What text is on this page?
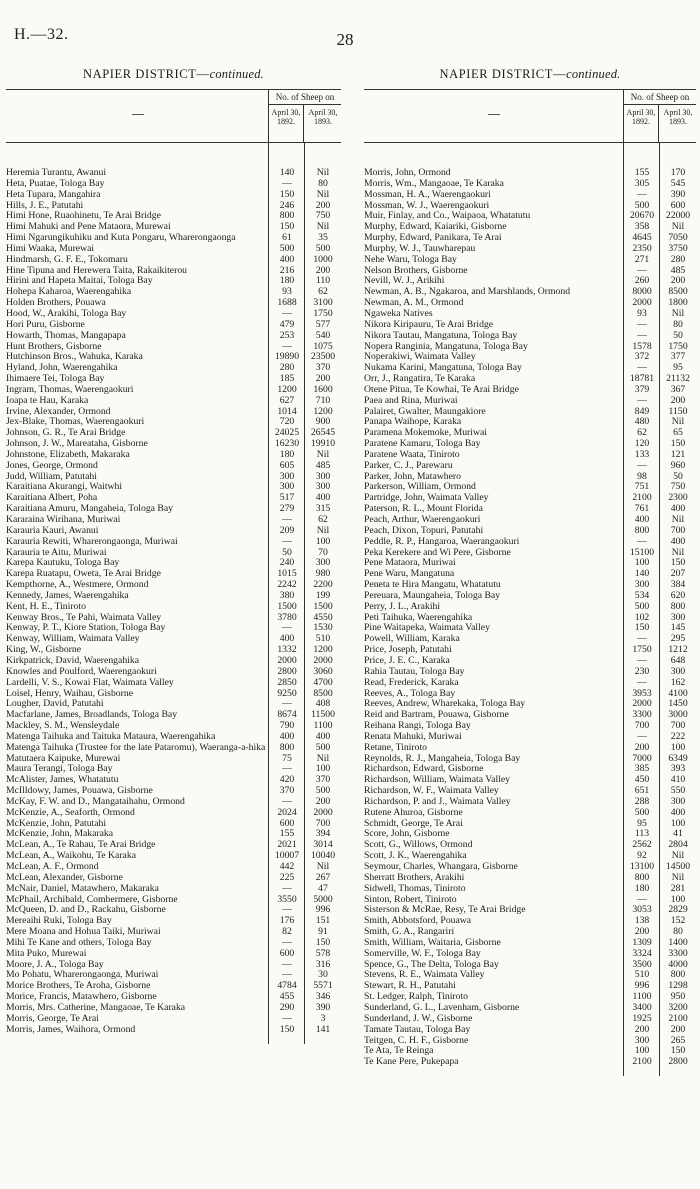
H.—32.	28
NAPIER DISTRICT—continued.
No. of Sheep on
April 30, 1892.
April 30, 1893.
Heremia Turantu, Awanui	140	Nil
Heta, Puatae, Tologa Bay	—	80
Heta Tupara, Mangahira	150	Nil
Hills, J. E., Patutahi	246	200
Himi Hone, Ruaohinetu, Te Arai Bridge	800	750
Himi Mahuki and Pene Mataora, Murewai	150	Nil
Himi Ngarungikuhiku and Kuta Pongaru, Wharerongaonga	61	35
Himi Waaka, Murewai	500	500
Hindmarsh, G. F. E., Tokomaru	400	1000
Hine Tipuna and Herewera Taita, Rakaikiterou	216	200
Hirini and Hapeta Maitai, Tologa Bay	180	110
Hohepa Kaharoa, Waerengahika	93	62
Holden Brothers, Pouawa	1688	3100
Hood, W., Arakihi, Tologa Bay	—	1750
Hori Puru, Gisborne	479	577
Howarth, Thomas, Mangapapa	253	540
Hunt Brothers, Gisborne	—	1075
Hutchinson Bros., Wahuka, Karaka	19890	23500
Hyland, John, Waerengahika	280	370
Ihimaere Tei, Tologa Bay	185	200
Ingram, Thomas, Waerengaokuri	1200	1600
Ioapa te Hau, Karaka	627	710
Irvine, Alexander, Ormond	1014	1200
Jex-Blake, Thomas, Waerengaokuri	720	900
Johnson, G. R., Te Arai Bridge	24025	26545
Johnson, J. W., Mareataha, Gisborne	16230	19910
Johnstone, Elizabeth, Makaraka	180	Nil
Jones, George, Ormond	605	485
Judd, William, Patutahi	300	300
Karaitiana Akurangi, Waitwhi	300	300
Karaitiana Albert, Poha	517	400
Karaitiana Amuru, Mangaheia, Tologa Bay	279	315
Kararaina Wirihana, Muriwai	—	62
Karauria Kauri, Awanui	209	Nil
Karauria Rewiti, Wharerongaonga, Muriwai	—	100
Karauria te Aitu, Muriwai	50	70
Karepa Kautuku, Tologa Bay	240	300
Karepa Ruatapu, Oweta, Te Arai Bridge	1015	980
Kempthorne, A., Westmere, Ormond	2242	2200
Kennedy, James, Waerengahika	380	199
Kent, H. E., Tiniroto	1500	1500
Kenway Bros., Te Pahi, Waimata Valley	3780	4550
Kenway, P. T., Kiore Station, Tologa Bay	—	1530
Kenway, William, Waimata Valley	400	510
King, W., Gisborne	1332	1200
Kirkpatrick, David, Waerengahika	2000	2000
Knowles and Poulford, Waerengaokuri	2800	3060
Lardelli, V. S., Kowai Flat, Waimata Valley	2850	4700
Loisel, Henry, Waihau, Gisborne	9250	8500
Lougher, David, Patutahi	—	408
Macfarlane, James, Broadlands, Tologa Bay	8674	11500
Mackley, S. M., Wensleydale	790	1100
Matenga Taihuka and Taituka Mataura, Waerengahika	400	400
Matenga Taihuka (Trustee for the late Pataromu), Waeranga-a-hika	800	500
Matutaera Kaipuke, Murewai	75	Nil
Maura Terangi, Tologa Bay	—	100
McAlister, James, Whatatutu	420	370
McIlldowy, James, Pouawa, Gisborne	370	500
McKay, F. W. and D., Mangataihahu, Ormond	—	200
McKenzie, A., Seaforth, Ormond	2024	2000
McKenzie, John, Patutahi	600	700
McKenzie, John, Makaraka	155	394
McLean, A., Te Rahau, Te Arai Bridge	2021	3014
McLean, A., Waikohu, Te Karaka	10007	10040
McLean, A. F., Ormond	442	Nil
McLean, Alexander, Gisborne	225	267
McNair, Daniel, Matawhero, Makaraka	—	47
McPhail, Archibald, Combermere, Gisborne	3550	5000
McQueen, D. and D., Rackahu, Gisborne	—	996
Mereaihi Ruki, Tologa Bay	176	151
Mere Moana and Hohua Taiki, Muriwai	82	91
Mihi Te Kane and others, Tologa Bay	—	150
Mita Puko, Murewai	600	578
Moore, J. A., Tologa Bay	—	316
Mo Pohatu, Wharerongaonga, Muriwai	—	30
Morice Brothers, Te Aroha, Gisborne	4784	5571
Morice, Francis, Matawhero, Gisborne	455	346
Morris, Mrs. Catherine, Mangaoae, Te Karaka	290	390
Morris, George, Te Arai	—	3
Morris, James, Waihora, Ormond	150	141
NAPIER DISTRICT—continued.
No. of Sheep on
April 30, 1892.
April 30, 1893.
Morris, John, Ormond	155	170
Morris, Wm., Mangaoae, Te Karaka	305	545
Mossman, H. A., Waerengaokuri	—	390
Mossman, W. J., Waerengaokuri	500	600
Muir, Finlay, and Co., Waipaoa, Whatatutu	20670	22000
Murphy, Edward, Kaiariki, Gisborne	358	Nil
Murphy, Edward, Panikara, Te Arai	4645	7050
Murphy, W. J., Tauwharepau	2350	3750
Nehe Waru, Tologa Bay	271	280
Nelson Brothers, Gisborne	—	485
Nevill, W. J., Arikihi	260	200
Newman, A. B., Ngakaroa, and Marshlands, Ormond	8000	8500
Newman, A. M., Ormond	2000	1800
Ngaweka Natives	93	Nil
Nikora Kiripauru, Te Arai Bridge	—	80
Nikora Tautau, Mangatuna, Tologa Bay	—	50
Nopera Ranginia, Mangatuna, Tologa Bay	1578	1750
Noperakiwi, Waimata Valley	372	377
Nukama Karini, Mangatuna, Tologa Bay	—	95
Orr, J., Rangatira, Te Karaka	18781	21132
Otene Pitua, Te Kowhai, Te Arai Bridge	379	367
Paea and Rina, Muriwai	—	200
Palairet, Gwalter, Maungakiore	849	1150
Panapa Waihope, Karaka	480	Nil
Paramena Mokemoke, Muriwai	62	65
Paratene Kamaru, Tologa Bay	120	150
Paratene Waata, Tiniroto	133	121
Parker, C. J., Parewaru	—	960
Parker, John, Matawhero	98	50
Parkerson, William, Ormond	751	750
Partridge, John, Waimata Valley	2100	2300
Paterson, R. L., Mount Florida	761	400
Peach, Arthur, Waerengaokuri	400	Nil
Peach, Dixon, Topuri, Patutahi	800	700
Peddle, R. P., Hangaroa, Waerangaokuri	—	400
Peka Kerekere and Wi Pere, Gisborne	15100	Nil
Pene Mataora, Muriwai	100	150
Pene Waru, Mangatuna	140	207
Peneta te Hira Mangatu, Whatatutu	300	384
Pereuara, Maungaheia, Tologa Bay	534	620
Perry, J. L., Arakihi	500	800
Peti Taihuka, Waerengahika	102	300
Pine Waitapeka, Waimata Valley	150	145
Powell, William, Karaka	—	295
Price, Joseph, Patutahi	1750	1212
Price, J. E. C., Karaka	—	648
Rahia Tautau, Tologa Bay	230	300
Read, Frederick, Karaka	—	162
Reeves, A., Tologa Bay	3953	4100
Reeves, Andrew, Wharekaka, Tologa Bay	2000	1450
Reid and Bartram, Pouawa, Gisborne	3300	3000
Reihana Rangi, Tologa Bay	700	700
Renata Mahuki, Muriwai	—	222
Retane, Tiniroto	200	100
Reynolds, R. J., Mangaheia, Tologa Bay	7000	6349
Richardson, Edward, Gisborne	385	393
Richardson, William, Waimata Valley	450	410
Richardson, W. F., Waimata Valley	651	550
Richardson, P. and J., Waimata Valley	288	300
Rutene Ahuroa, Gisborne	500	400
Schmidt, George, Te Arai	95	100
Score, John, Gisborne	113	41
Scott, G., Willows, Ormond	2562	2804
Scott, J. K., Waerengahika	92	Nil
Seymour, Charles, Whangara, Gisborne	13100	14500
Sherratt Brothers, Arakihi	800	Nil
Sidwell, Thomas, Tiniroto	180	281
Sinton, Robert, Tiniroto	—	100
Sisterson & McRae, Resy, Te Arai Bridge	3053	2829
Smith, Abbotsford, Pouawa	138	152
Smith, G. A., Rangariri	200	80
Smith, William, Waitaria, Gisborne	1309	1400
Somerville, W. F., Tologa Bay	3324	3300
Spence, G., The Delta, Tologa Bay	3500	4000
Stevens, R. E., Waimata Valley	510	800
Stewart, R. H., Patutahi	996	1298
St. Ledger, Ralph, Tiniroto	1100	950
Sunderland, G. L., Lavenham, Gisborne	3400	3200
Sunderland, J. W., Gisborne	1925	2100
Tamate Tautau, Tologa Bay	200	200
Teitgen, C. H. F., Gisborne	300	265
Te Ata, Te Reinga	100	150
Te Kane Pere, Pukepapa	2100	2800
